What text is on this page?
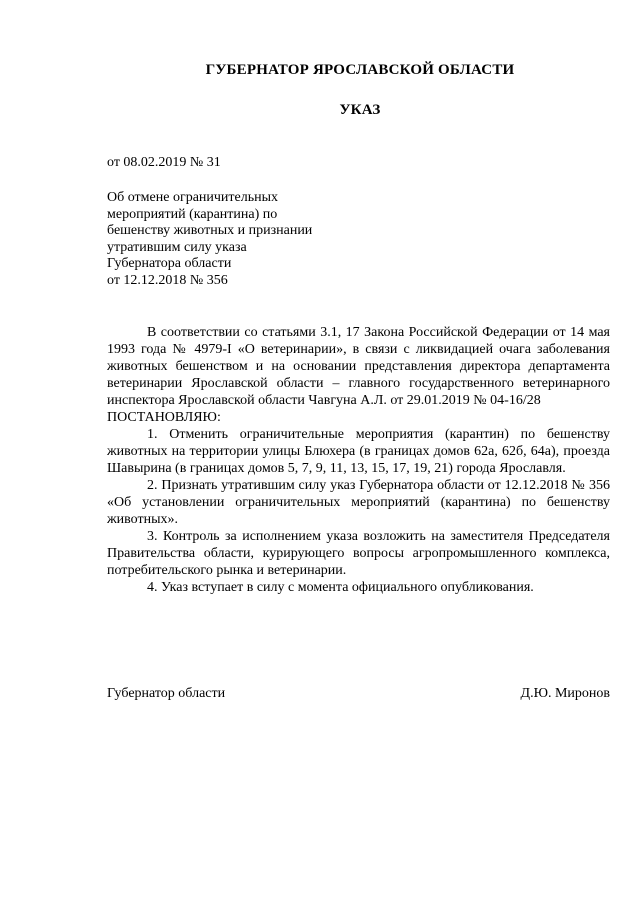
ГУБЕРНАТОР ЯРОСЛАВСКОЙ ОБЛАСТИ
УКАЗ
от 08.02.2019 № 31
Об отмене ограничительных
мероприятий (карантина) по
бешенству животных и признании
утратившим силу указа
Губернатора области
от 12.12.2018 № 356

В соответствии со статьями 3.1, 17 Закона Российской Федерации от 14 мая 1993 года № 4979-I «О ветеринарии», в связи с ликвидацией очага заболевания животных бешенством и на основании представления директора департамента ветеринарии Ярославской области – главного государственного ветеринарного инспектора Ярославской области Чавгуна А.Л. от 29.01.2019 № 04-16/28

ПОСТАНОВЛЯЮ:

1. Отменить ограничительные мероприятия (карантин) по бешенству животных на территории улицы Блюхера (в границах домов 62а, 62б, 64а), проезда Шавырина (в границах домов 5, 7, 9, 11, 13, 15, 17, 19, 21) города Ярославля.

2. Признать утратившим силу указ Губернатора области от 12.12.2018 № 356 «Об установлении ограничительных мероприятий (карантина) по бешенству животных».

3. Контроль за исполнением указа возложить на заместителя Председателя Правительства области, курирующего вопросы агропромышленного комплекса, потребительского рынка и ветеринарии.

4. Указ вступает в силу с момента официального опубликования.

Губернатор области	Д.Ю. Миронов
